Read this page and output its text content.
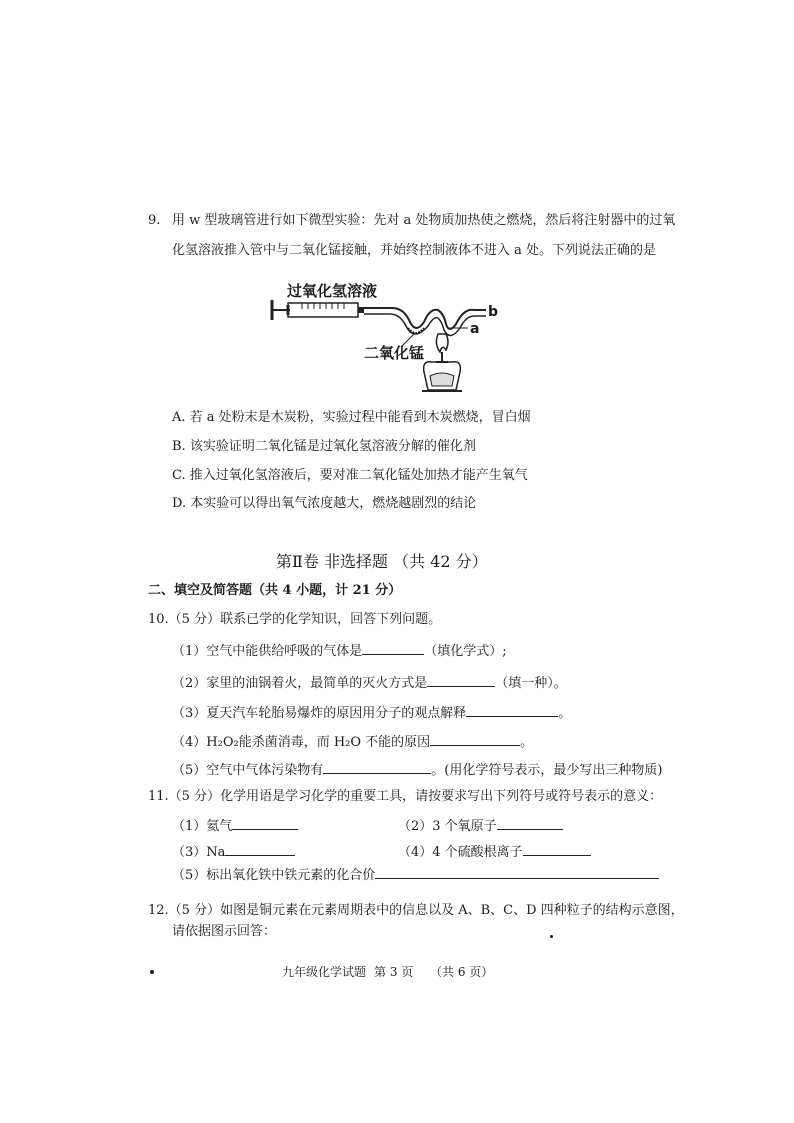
9. 用 w 型玻璃管进行如下微型实验：先对 a 处物质加热使之燃烧，然后将注射器中的过氧
化氢溶液推入管中与二氧化锰接触，并始终控制液体不进入 a 处。下列说法正确的是
过氧化氢溶液
a
b
二氧化锰
A. 若 a 处粉末是木炭粉，实验过程中能看到木炭燃烧，冒白烟
B. 该实验证明二氧化锰是过氧化氢溶液分解的催化剂
C. 推入过氧化氢溶液后，要对准二氧化锰处加热才能产生氧气
D. 本实验可以得出氧气浓度越大，燃烧越剧烈的结论
第Ⅱ卷 非选择题 （共 42 分）
二、填空及简答题（共 4 小题，计 21 分）
10.（5 分）联系已学的化学知识，回答下列问题。
（1）空气中能供给呼吸的气体是	（填化学式）;
（2）家里的油锅着火，最简单的灭火方式是	（填一种）。
（3）夏天汽车轮胎易爆炸的原因用分子的观点解释	。
（4）H₂O₂能杀菌消毒，而 H₂O 不能的原因	。
（5）空气中气体污染物有	。(用化学符号表示，最少写出三种物质)
11.（5 分）化学用语是学习化学的重要工具，请按要求写出下列符号或符号表示的意义：
（1）氦气	（2）3 个氧原子
（3）Na	（4）4 个硫酸根离子
（5）标出氧化铁中铁元素的化合价
12.（5 分）如图是铜元素在元素周期表中的信息以及 A、B、C、D 四种粒子的结构示意图，
请依据图示回答：
九年级化学试题 第 3 页 （共 6 页）
